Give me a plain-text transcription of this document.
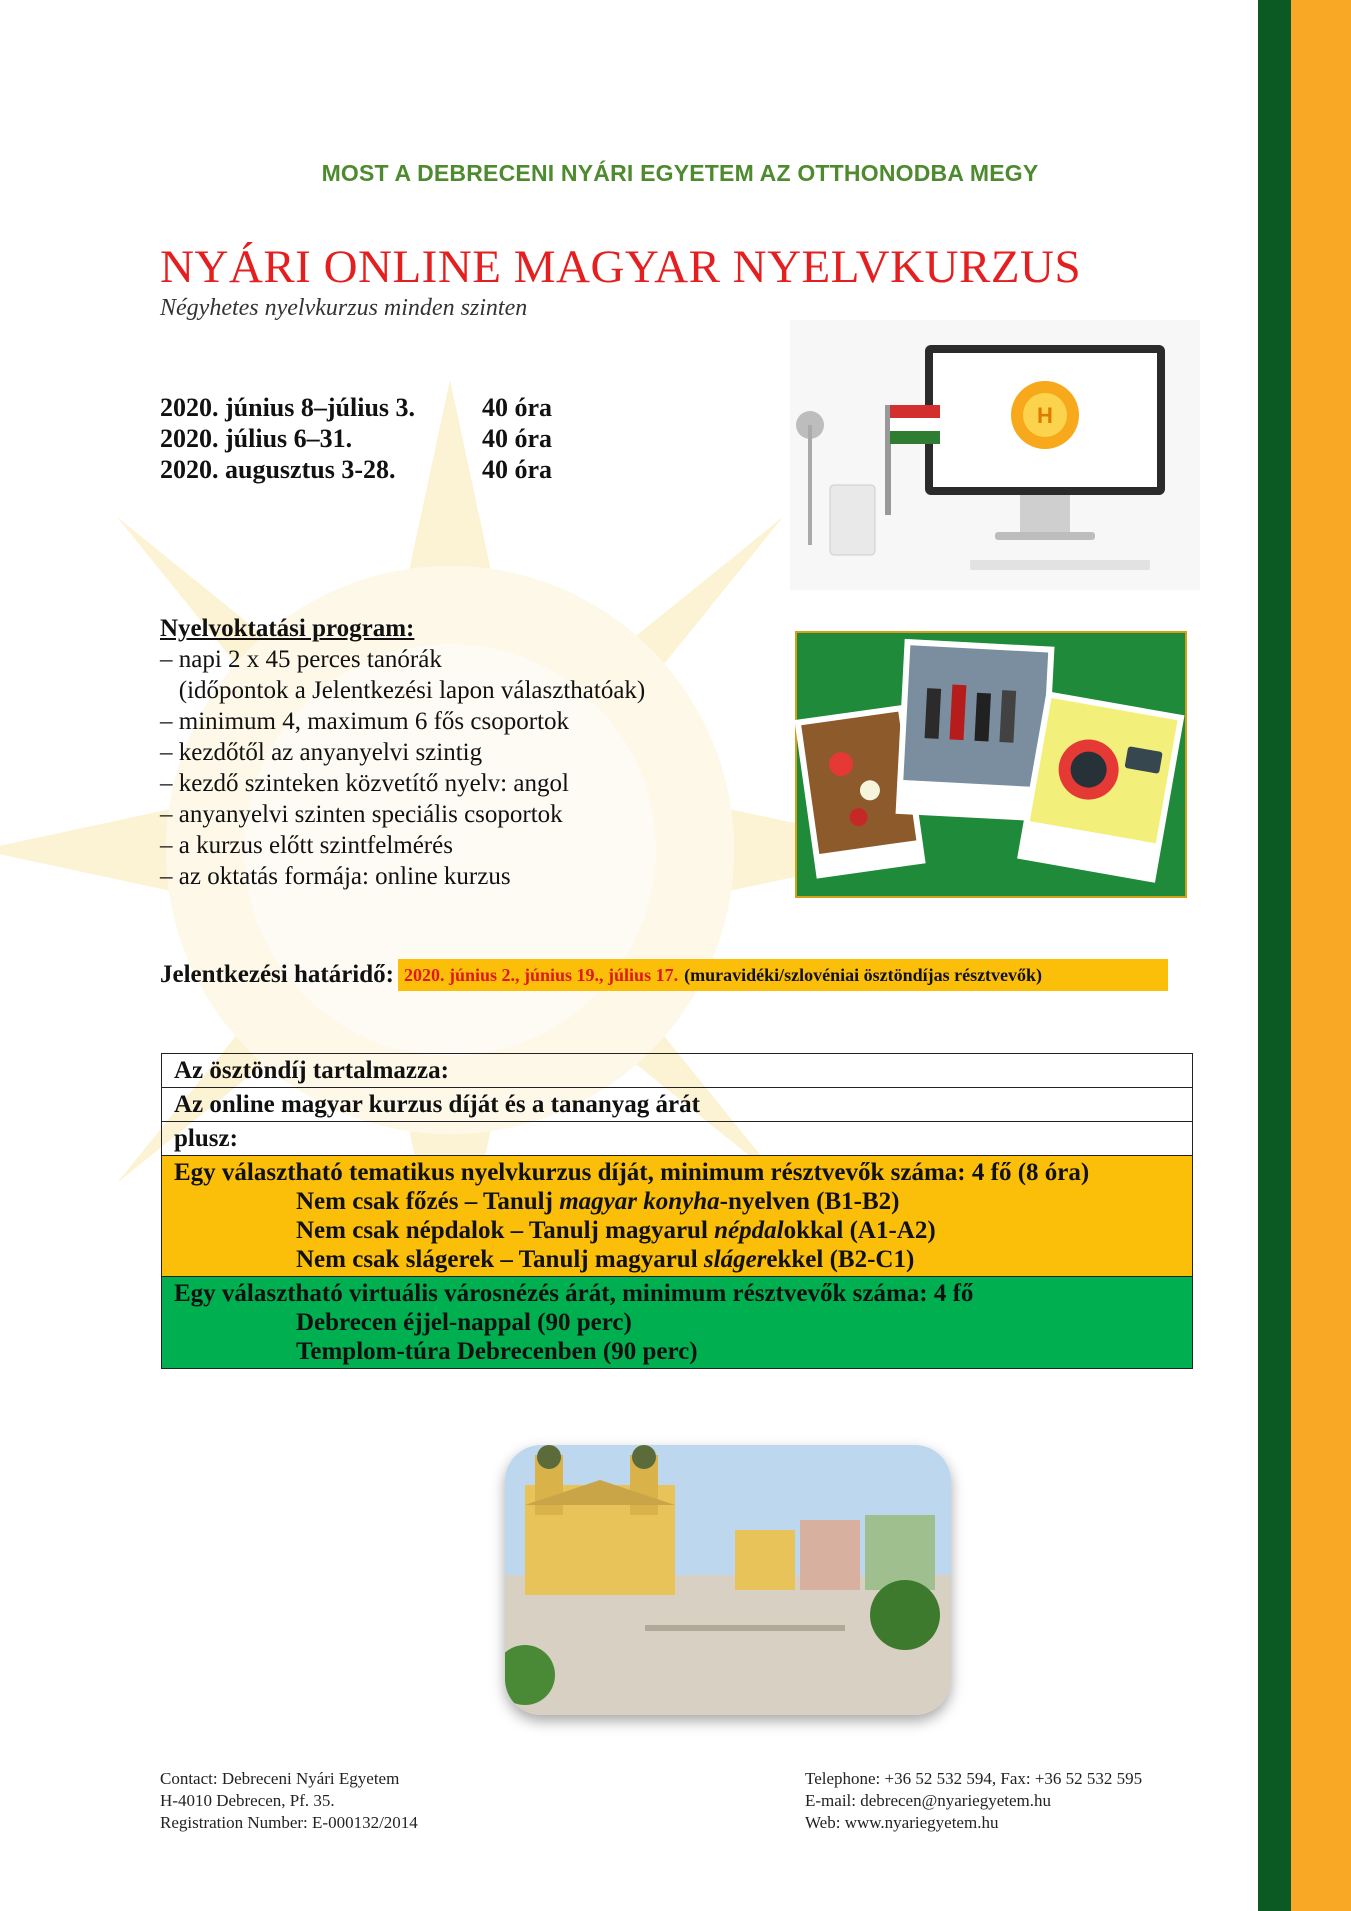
MOST A DEBRECENI NYÁRI EGYETEM AZ OTTHONODBA MEGY
NYÁRI ONLINE MAGYAR NYELVKURZUS
Négyhetes nyelvkurzus minden szinten
2020. június 8–július 3.	40 óra
2020. július 6–31.	40 óra
2020. augusztus 3-28.	40 óra
H
Nyelvoktatási program:
– napi 2 x 45 perces tanórák
(időpontok a Jelentkezési lapon választhatóak)
– minimum 4, maximum 6 fős csoportok
– kezdőtől az anyanyelvi szintig
– kezdő szinteken közvetítő nyelv: angol
– anyanyelvi szinten speciális csoportok
– a kurzus előtt szintfelmérés
– az oktatás formája: online kurzus
Jelentkezési határidő: 2020. június 2., június 19., július 17. (muravidéki/szlovéniai ösztöndíjas résztvevők)
Az ösztöndíj tartalmazza:
Az online magyar kurzus díját és a tananyag árát
plusz:
Egy választható tematikus nyelvkurzus díját, minimum résztvevők száma: 4 fő (8 óra)
Nem csak főzés – Tanulj magyar konyha-nyelven (B1-B2)
Nem csak népdalok – Tanulj magyarul népdalokkal (A1-A2)
Nem csak slágerek – Tanulj magyarul slágerekkel (B2-C1)
Egy választható virtuális városnézés árát, minimum résztvevők száma: 4 fő
Debrecen éjjel-nappal (90 perc)
Templom-túra Debrecenben (90 perc)
Contact: Debreceni Nyári Egyetem
H-4010 Debrecen, Pf. 35.
Registration Number: E-000132/2014
Telephone: +36 52 532 594, Fax: +36 52 532 595
E-mail: debrecen@nyariegyetem.hu
Web: www.nyariegyetem.hu
